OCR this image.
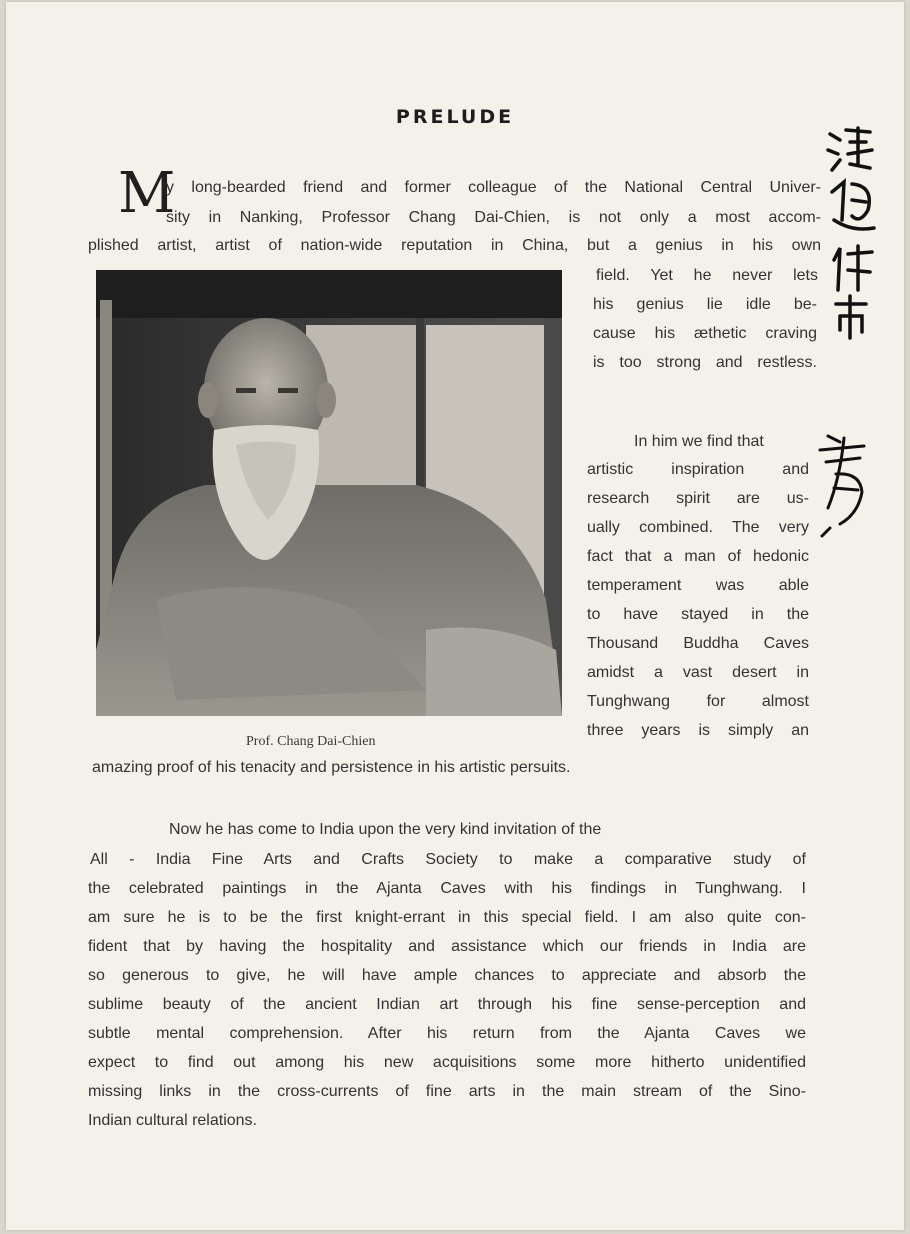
PRELUDE
M
y long-bearded friend and former colleague of the National Central Univer-
sity in Nanking, Professor Chang Dai-Chien, is not only a most accom-
plished artist, artist of nation-wide reputation in China, but a genius in his own
field. Yet he never lets
his genius lie idle be-
cause his æthetic craving
is too strong and restless.
In him we find that
artistic inspiration and
research spirit are us-
ually combined. The very
fact that a man of hedonic
temperament was able
to have stayed in the
Thousand Buddha Caves
amidst a vast desert in
Tunghwang for almost
three years is simply an
amazing proof of his tenacity and persistence in his artistic persuits.
Prof. Chang Dai-Chien
Now he has come to India upon the very kind invitation of the
All - India Fine Arts and Crafts Society to make a comparative study of
the celebrated paintings in the Ajanta Caves with his findings in Tunghwang. I
am sure he is to be the first knight-errant in this special field. I am also quite con-
fident that by having the hospitality and assistance which our friends in India are
so generous to give, he will have ample chances to appreciate and absorb the
sublime beauty of the ancient Indian art through his fine sense-perception and
subtle mental comprehension. After his return from the Ajanta Caves we
expect to find out among his new acquisitions some more hitherto unidentified
missing links in the cross-currents of fine arts in the main stream of the Sino-
Indian cultural relations.
